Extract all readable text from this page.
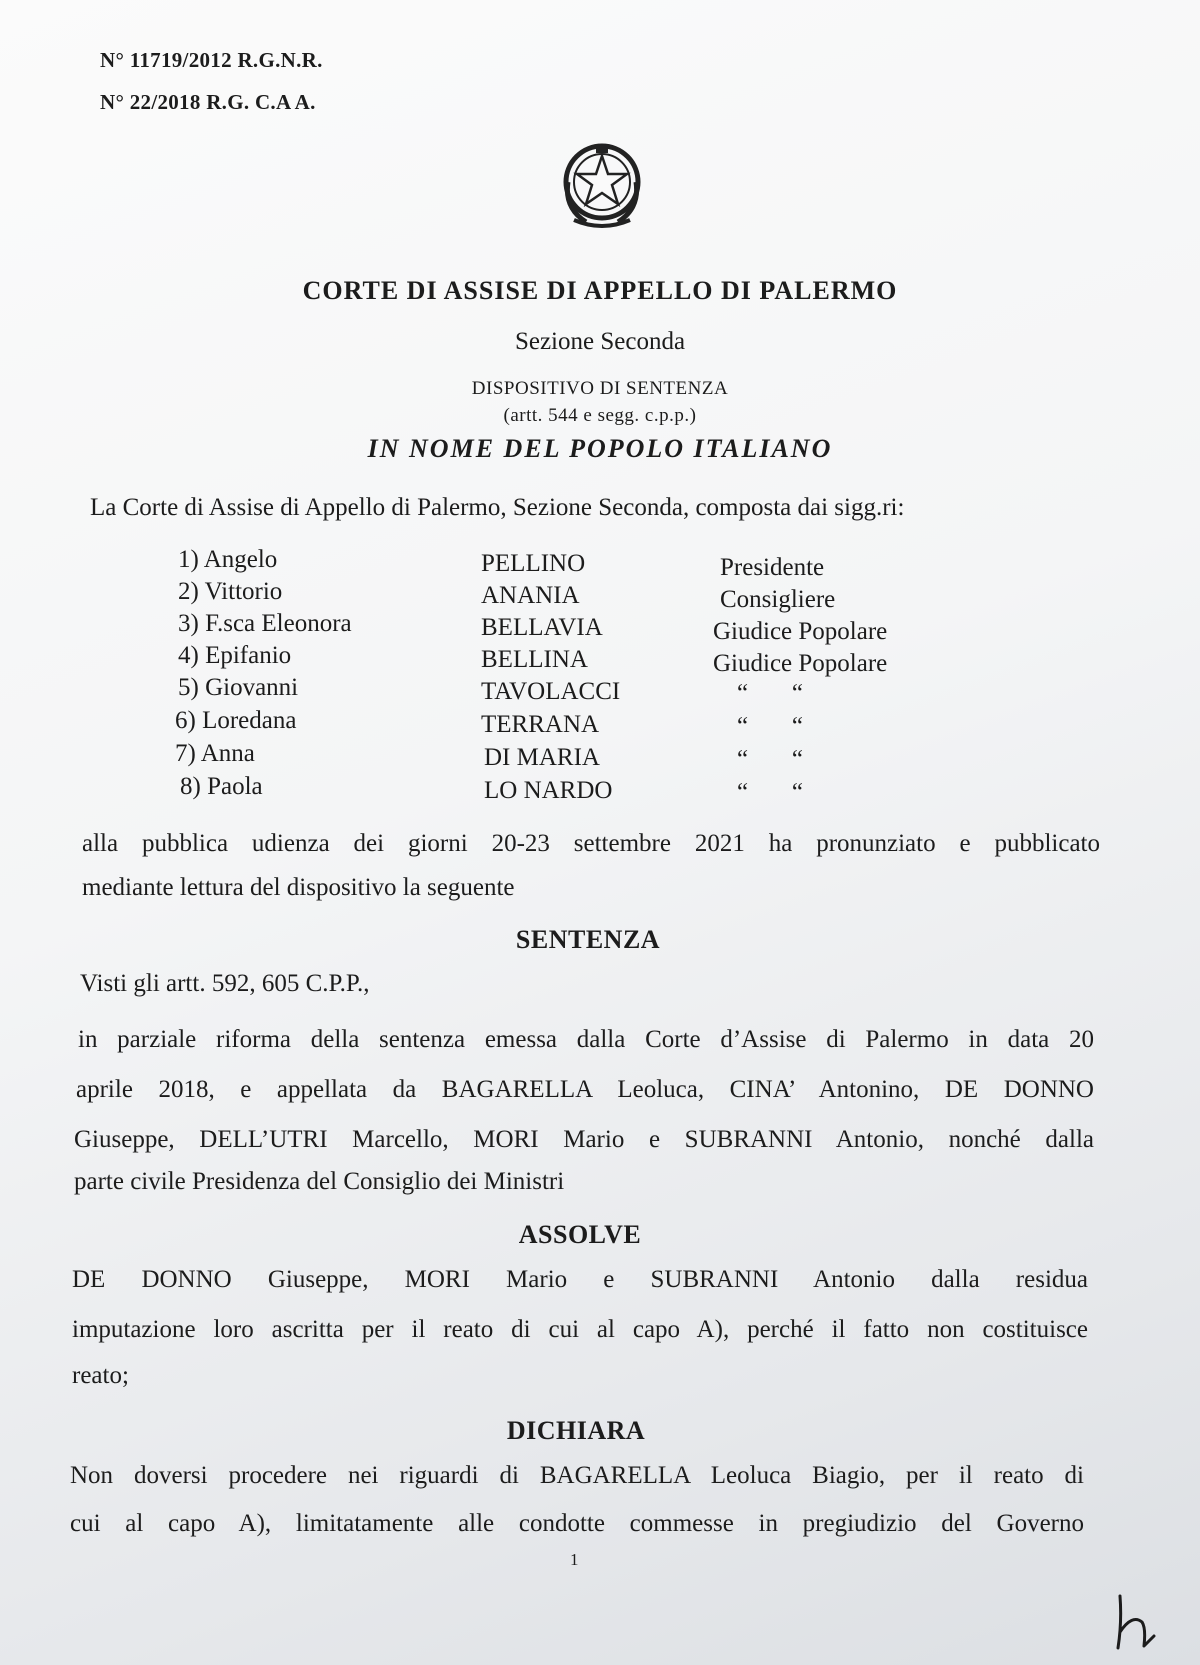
N° 11719/2012 R.G.N.R.
N° 22/2018 R.G. C.A A.
CORTE DI ASSISE DI APPELLO DI PALERMO
Sezione Seconda
DISPOSITIVO DI SENTENZA
(artt. 544 e segg. c.p.p.)
IN NOME DEL POPOLO ITALIANO
La Corte di Assise di Appello di Palermo, Sezione Seconda, composta dai sigg.ri:
1) Angelo	PELLINO	Presidente
2) Vittorio	ANANIA	Consigliere
3) F.sca Eleonora	BELLAVIA	Giudice Popolare
4) Epifanio	BELLINA	Giudice Popolare
5) Giovanni	TAVOLACCI	“       “
6) Loredana	TERRANA	“       “
7) Anna	DI MARIA	“       “
8) Paola	LO NARDO	“       “
alla pubblica udienza dei giorni 20-23 settembre 2021 ha pronunziato e pubblicato
mediante lettura del dispositivo la seguente
SENTENZA
Visti gli artt. 592, 605 C.P.P.,
in parziale riforma della sentenza emessa dalla Corte d’Assise di Palermo in data 20
aprile 2018, e appellata da BAGARELLA Leoluca, CINA’ Antonino, DE DONNO
Giuseppe, DELL’UTRI Marcello, MORI Mario e SUBRANNI Antonio, nonché dalla
parte civile Presidenza del Consiglio dei Ministri
ASSOLVE
DE DONNO Giuseppe, MORI Mario e SUBRANNI Antonio dalla residua
imputazione loro ascritta per il reato di cui al capo A), perché il fatto non costituisce
reato;
DICHIARA
Non doversi procedere nei riguardi di BAGARELLA Leoluca Biagio, per il reato di
cui al capo A), limitatamente alle condotte commesse in pregiudizio del Governo
1
